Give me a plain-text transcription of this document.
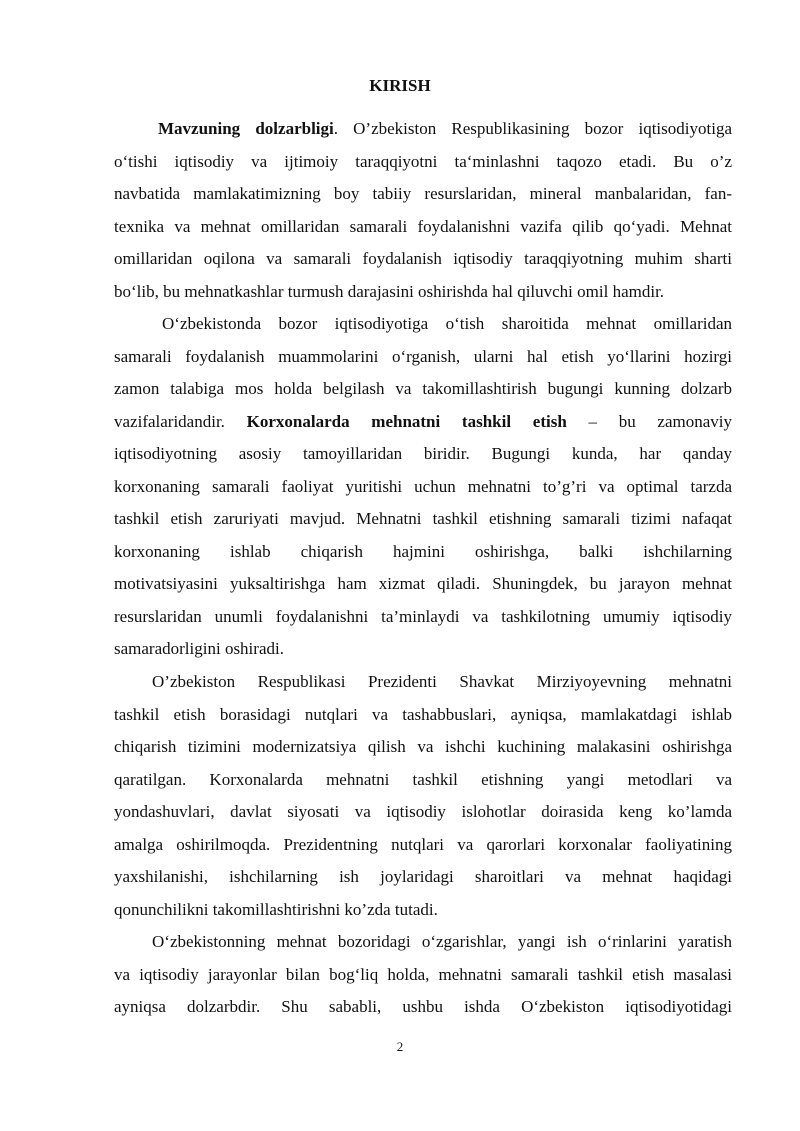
KIRISH
Mavzuning dolzarbligi. O’zbekiston Respublikasining bozor iqtisodiyotiga
o‘tishi iqtisodiy va ijtimoiy taraqqiyotni ta‘minlashni taqozo etadi. Bu o’z
navbatida mamlakatimizning boy tabiiy resurslaridan, mineral manbalaridan, fan-
texnika va mehnat omillaridan samarali foydalanishni vazifa qilib qo‘yadi. Mehnat
omillaridan oqilona va samarali foydalanish iqtisodiy taraqqiyotning muhim sharti
bo‘lib, bu mehnatkashlar turmush darajasini oshirishda hal qiluvchi omil hamdir.
O‘zbekistonda bozor iqtisodiyotiga o‘tish sharoitida mehnat omillaridan
samarali foydalanish muammolarini o‘rganish, ularni hal etish yo‘llarini hozirgi
zamon talabiga mos holda belgilash va takomillashtirish bugungi kunning dolzarb
vazifalaridandir. Korxonalarda mehnatni tashkil etish – bu zamonaviy
iqtisodiyotning asosiy tamoyillaridan biridir. Bugungi kunda, har qanday
korxonaning samarali faoliyat yuritishi uchun mehnatni to’g’ri va optimal tarzda
tashkil etish zaruriyati mavjud. Mehnatni tashkil etishning samarali tizimi nafaqat
korxonaning ishlab chiqarish hajmini oshirishga, balki ishchilarning
motivatsiyasini yuksaltirishga ham xizmat qiladi. Shuningdek, bu jarayon mehnat
resurslaridan unumli foydalanishni ta’minlaydi va tashkilotning umumiy iqtisodiy
samaradorligini oshiradi.
O’zbekiston Respublikasi Prezidenti Shavkat Mirziyoyevning mehnatni
tashkil etish borasidagi nutqlari va tashabbuslari, ayniqsa, mamlakatdagi ishlab
chiqarish tizimini modernizatsiya qilish va ishchi kuchining malakasini oshirishga
qaratilgan. Korxonalarda mehnatni tashkil etishning yangi metodlari va
yondashuvlari, davlat siyosati va iqtisodiy islohotlar doirasida keng ko’lamda
amalga oshirilmoqda. Prezidentning nutqlari va qarorlari korxonalar faoliyatining
yaxshilanishi, ishchilarning ish joylaridagi sharoitlari va mehnat haqidagi
qonunchilikni takomillashtirishni ko’zda tutadi.
O‘zbekistonning mehnat bozoridagi o‘zgarishlar, yangi ish o‘rinlarini yaratish
va iqtisodiy jarayonlar bilan bog‘liq holda, mehnatni samarali tashkil etish masalasi
ayniqsa dolzarbdir. Shu sababli, ushbu ishda O‘zbekiston iqtisodiyotidagi
2
